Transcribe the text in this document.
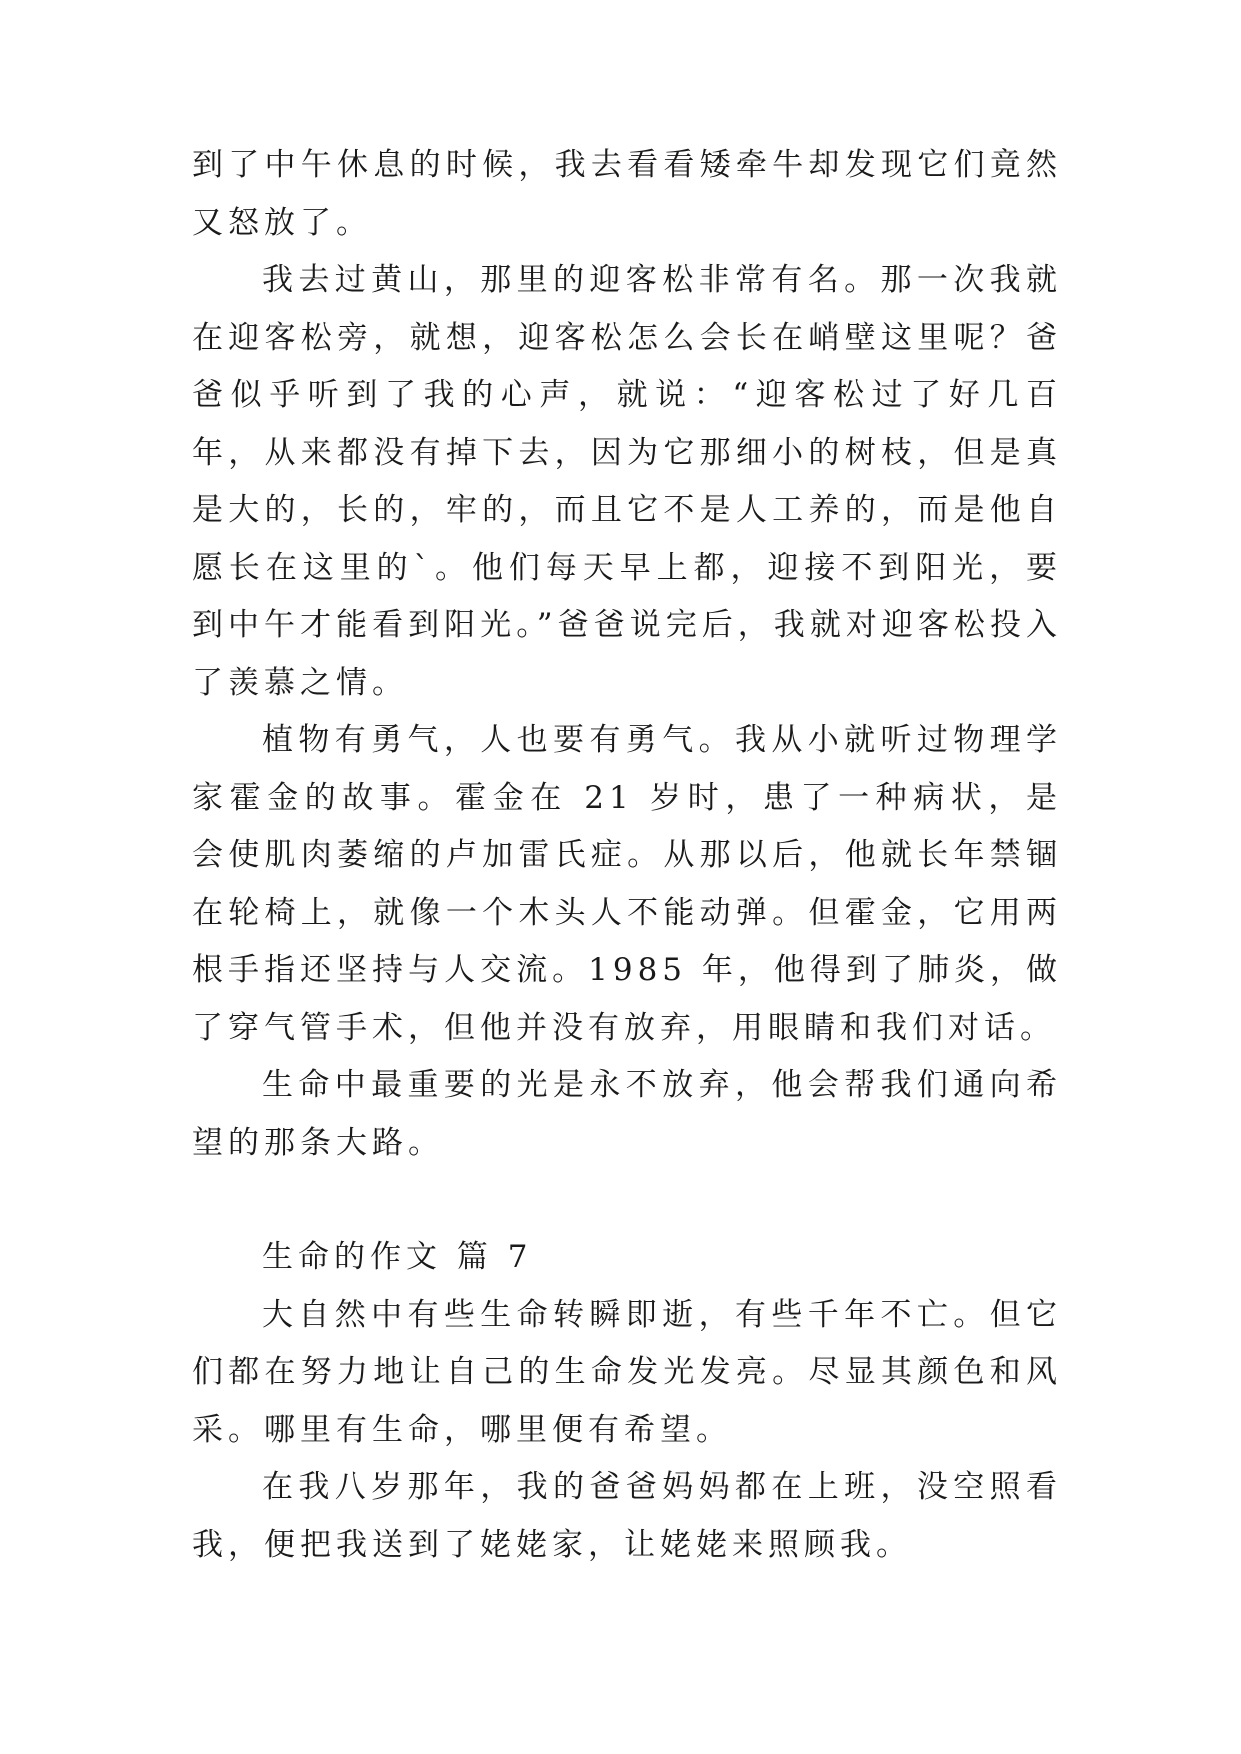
到了中午休息的时候，我去看看矮牵牛却发现它们竟然又怒放了。

我去过黄山，那里的迎客松非常有名。那一次我就在迎客松旁，就想，迎客松怎么会长在峭壁这里呢？爸爸似乎听到了我的心声，就说：“迎客松过了好几百年，从来都没有掉下去，因为它那细小的树枝，但是真是大的，长的，牢的，而且它不是人工养的，而是他自愿长在这里的`。他们每天早上都，迎接不到阳光，要到中午才能看到阳光。”爸爸说完后，我就对迎客松投入了羡慕之情。

植物有勇气，人也要有勇气。我从小就听过物理学家霍金的故事。霍金在 21 岁时，患了一种病状，是会使肌肉萎缩的卢加雷氏症。从那以后，他就长年禁锢在轮椅上，就像一个木头人不能动弹。但霍金，它用两根手指还坚持与人交流。1985 年，他得到了肺炎，做了穿气管手术，但他并没有放弃，用眼睛和我们对话。

生命中最重要的光是永不放弃，他会帮我们通向希望的那条大路。

生命的作文 篇 7

大自然中有些生命转瞬即逝，有些千年不亡。但它们都在努力地让自己的生命发光发亮。尽显其颜色和风采。哪里有生命，哪里便有希望。

在我八岁那年，我的爸爸妈妈都在上班，没空照看我，便把我送到了姥姥家，让姥姥来照顾我。
